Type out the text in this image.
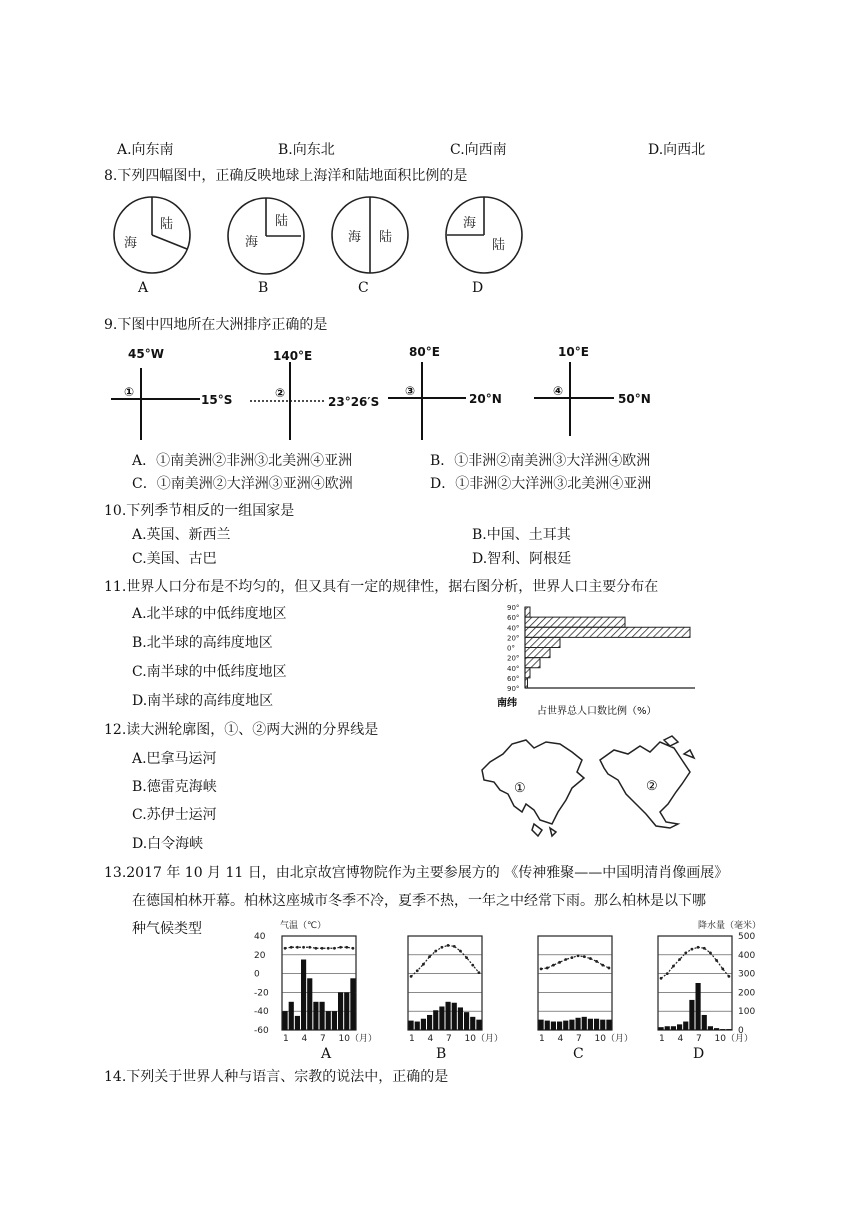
A.向东南	B.向东北	C.向西南	D.向西北
8.下列四幅图中，正确反映地球上海洋和陆地面积比例的是
陆
海
陆
海	海 陆
海
陆
A	B	C	D
9.下图中四地所在大洲排序正确的是
45°W
①
15°S
140°E
②
23°26′S
80°E
③
20°N
10°E
④
50°N
A．①南美洲②非洲③北美洲④亚洲	B．①非洲②南美洲③大洋洲④欧洲
C．①南美洲②大洋洲③亚洲④欧洲	D．①非洲②大洋洲③北美洲④亚洲
10.下列季节相反的一组国家是
A.英国、新西兰	B.中国、土耳其
C.美国、古巴	D.智利、阿根廷
11.世界人口分布是不均匀的，但又具有一定的规律性，据右图分析，世界人口主要分布在
A.北半球的中低纬度地区
B.北半球的高纬度地区
C.南半球的中低纬度地区
D.南半球的高纬度地区
90°
60°
40°
20°
0°
20°
40°
60°
90°
南纬
占世界总人口数比例（%）
12.读大洲轮廓图，①、②两大洲的分界线是
A.巴拿马运河
B.德雷克海峡
C.苏伊士运河
D.白令海峡
①	②
13.2017 年 10 月 11 日，由北京故宫博物院作为主要参展方的 《传神雅聚——中国明清肖像画展》
在德国柏林开幕。柏林这座城市冬季不冷，夏季不热，一年之中经常下雨。那么柏林是以下哪
种气候类型	气温（℃）	降水量（毫米）
40
20
0
-20
-40
-60
500
400
300
200
100
0
1 4 7 10（月）	1 4 7 10（月）	1 4 7 10（月）	1 4 7 10（月）
A	B	C	D
14.下列关于世界人种与语言、宗教的说法中，正确的是
